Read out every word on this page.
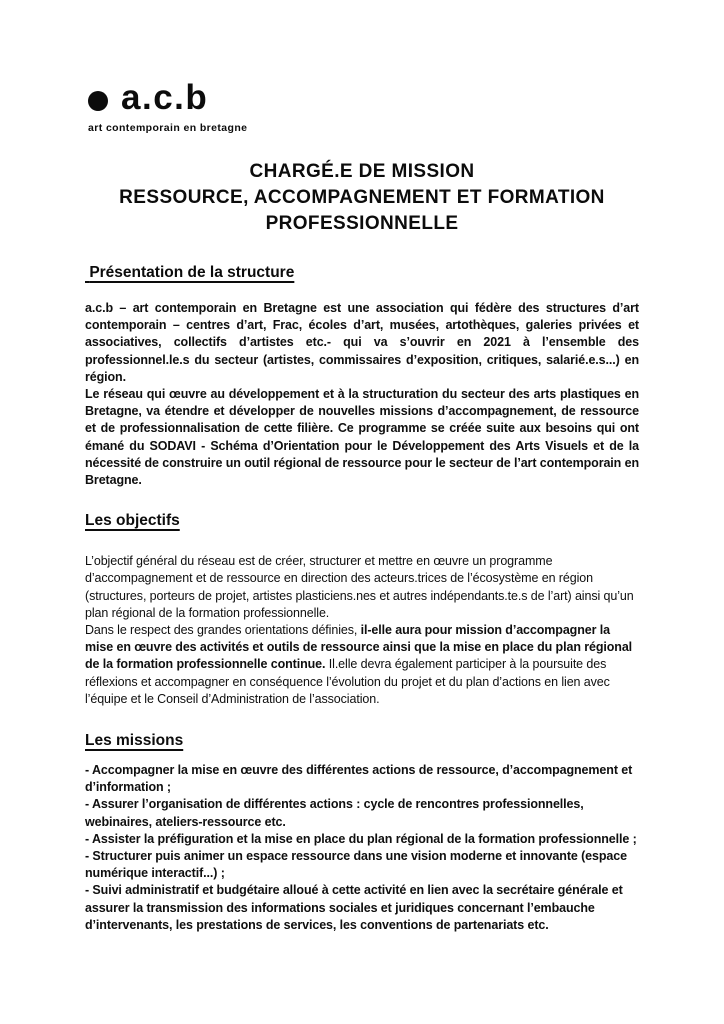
a.c.b
art contemporain en bretagne
CHARGÉ.E DE MISSION
RESSOURCE, ACCOMPAGNEMENT ET FORMATION
PROFESSIONNELLE
Présentation de la structure

a.c.b – art contemporain en Bretagne est une association qui fédère des structures d’art contemporain – centres d’art, Frac, écoles d’art, musées, artothèques, galeries privées et associatives, collectifs d’artistes etc.- qui va s’ouvrir en 2021 à l’ensemble des professionnel.le.s du secteur (artistes, commissaires d’exposition, critiques, salarié.e.s...) en région.

Le réseau qui œuvre au développement et à la structuration du secteur des arts plastiques en Bretagne, va étendre et développer de nouvelles missions d’accompagnement, de ressource et de professionnalisation de cette filière. Ce programme se créée suite aux besoins qui ont émané du SODAVI - Schéma d’Orientation pour le Développement des Arts Visuels et de la nécessité de construire un outil régional de ressource pour le secteur de l’art contemporain en Bretagne.

Les objectifs

L’objectif général du réseau est de créer, structurer et mettre en œuvre un programme d’accompagnement et de ressource en direction des acteurs.trices de l’écosystème en région (structures, porteurs de projet, artistes plasticiens.nes et autres indépendants.te.s de l’art) ainsi qu’un plan régional de la formation professionnelle.

Dans le respect des grandes orientations définies, il-elle aura pour mission d’accompagner la mise en œuvre des activités et outils de ressource ainsi que la mise en place du plan régional de la formation professionnelle continue. Il.elle devra également participer à la poursuite des réflexions et accompagner en conséquence l’évolution du projet et du plan d’actions en lien avec l’équipe et le Conseil d’Administration de l’association.

Les missions

- Accompagner la mise en œuvre des différentes actions de ressource, d’accompagnement et d’information ;

- Assurer l’organisation de différentes actions : cycle de rencontres professionnelles, webinaires, ateliers-ressource etc.

- Assister la préfiguration et la mise en place du plan régional de la formation professionnelle ;

- Structurer puis animer un espace ressource dans une vision moderne et innovante (espace numérique interactif...) ;

- Suivi administratif et budgétaire alloué à cette activité en lien avec la secrétaire générale et assurer la transmission des informations sociales et juridiques concernant l’embauche d’intervenants, les prestations de services, les conventions de partenariats etc.
